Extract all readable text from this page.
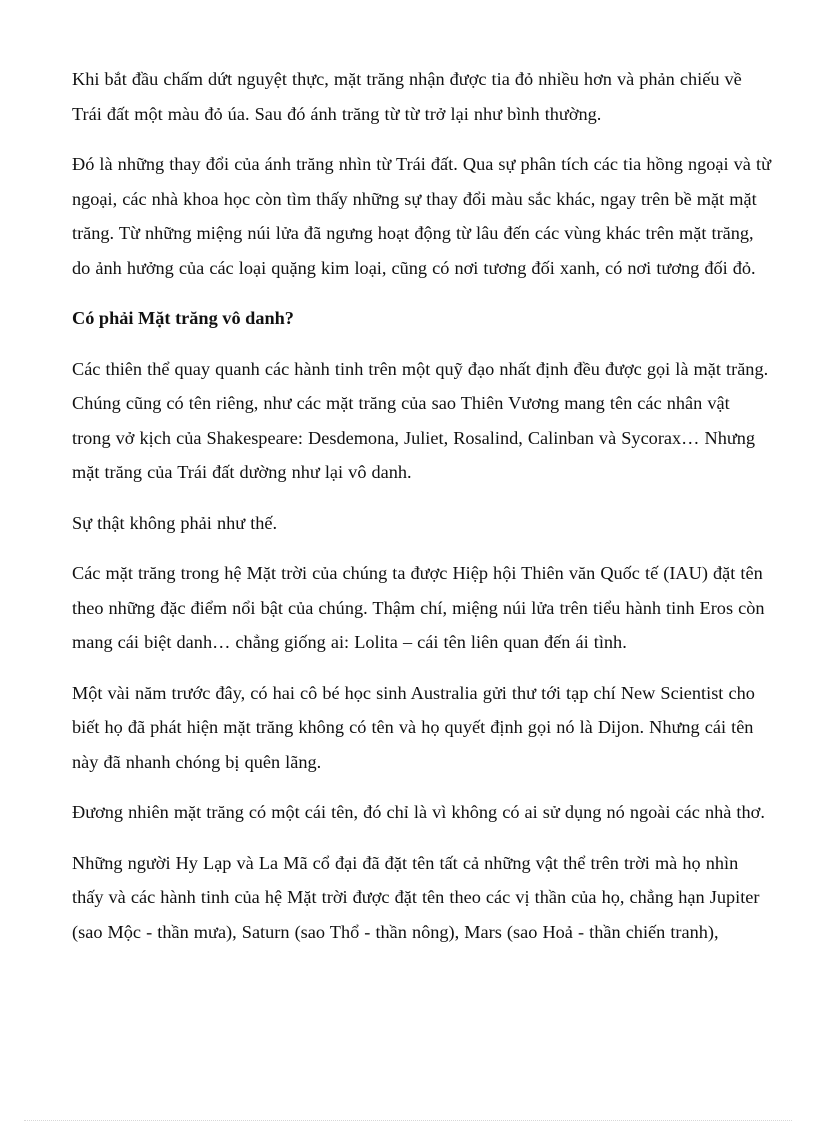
Khi bắt đầu chấm dứt nguyệt thực, mặt trăng nhận được tia đỏ nhiều hơn và phản chiếu về Trái đất một màu đỏ úa. Sau đó ánh trăng từ từ trở lại như bình thường.

Đó là những thay đổi của ánh trăng nhìn từ Trái đất. Qua sự phân tích các tia hồng ngoại và từ ngoại, các nhà khoa học còn tìm thấy những sự thay đổi màu sắc khác, ngay trên bề mặt mặt trăng. Từ những miệng núi lửa đã ngưng hoạt động từ lâu đến các vùng khác trên mặt trăng, do ảnh hưởng của các loại quặng kim loại, cũng có nơi tương đối xanh, có nơi tương đối đỏ.

Có phải Mặt trăng vô danh?

Các thiên thể quay quanh các hành tinh trên một quỹ đạo nhất định đều được gọi là mặt trăng. Chúng cũng có tên riêng, như các mặt trăng của sao Thiên Vương mang tên các nhân vật trong vở kịch của Shakespeare: Desdemona, Juliet, Rosalind, Calinban và Sycorax… Nhưng mặt trăng của Trái đất dường như lại vô danh.

Sự thật không phải như thế.

Các mặt trăng trong hệ Mặt trời của chúng ta được Hiệp hội Thiên văn Quốc tế (IAU) đặt tên theo những đặc điểm nổi bật của chúng. Thậm chí, miệng núi lửa trên tiểu hành tinh Eros còn mang cái biệt danh… chẳng giống ai: Lolita – cái tên liên quan đến ái tình.

Một vài năm trước đây, có hai cô bé học sinh Australia gửi thư tới tạp chí New Scientist cho biết họ đã phát hiện mặt trăng không có tên và họ quyết định gọi nó là Dijon. Nhưng cái tên này đã nhanh chóng bị quên lãng.

Đương nhiên mặt trăng có một cái tên, đó chỉ là vì không có ai sử dụng nó ngoài các nhà thơ.

Những người Hy Lạp và La Mã cổ đại đã đặt tên tất cả những vật thể trên trời mà họ nhìn thấy và các hành tinh của hệ Mặt trời được đặt tên theo các vị thần của họ, chẳng hạn Jupiter (sao Mộc - thần mưa), Saturn (sao Thổ - thần nông), Mars (sao Hoả - thần chiến tranh),
